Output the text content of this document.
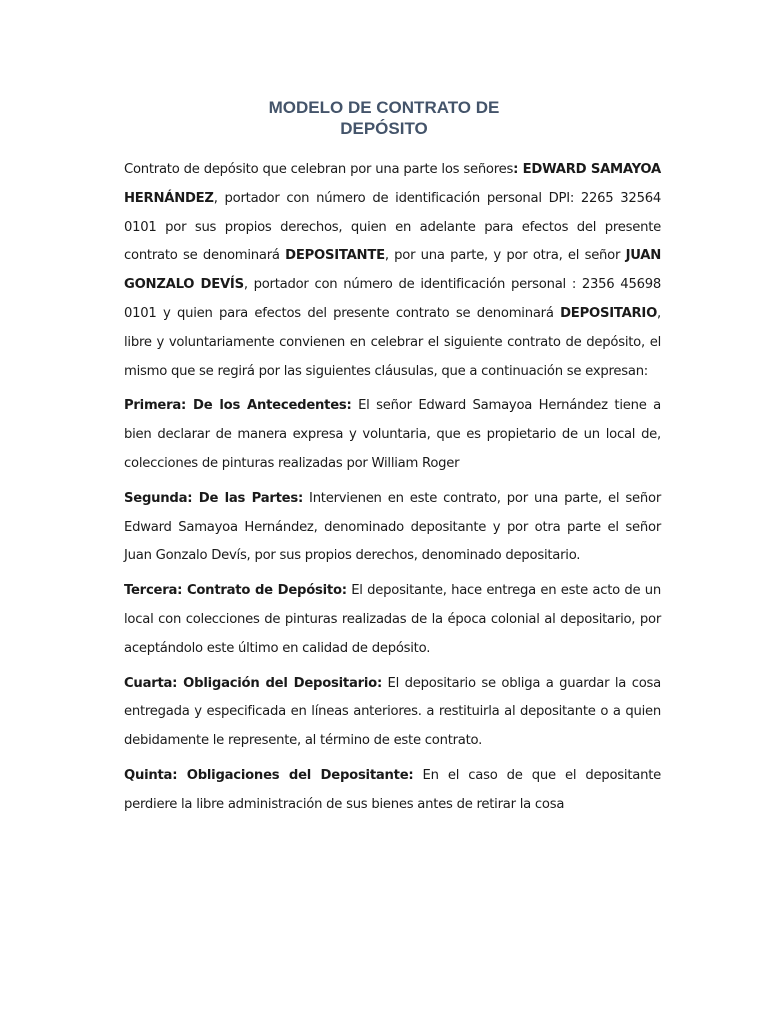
MODELO DE CONTRATO DE
DEPÓSITO

Contrato de depósito que celebran por una parte los señores: EDWARD SAMAYOA HERNÁNDEZ, portador con número de identificación personal DPI: 2265 32564 0101 por sus propios derechos, quien en adelante para efectos del presente contrato se denominará DEPOSITANTE, por una parte, y por otra, el señor JUAN GONZALO DEVÍS, portador con número de identificación personal : 2356 45698 0101 y quien para efectos del presente contrato se denominará DEPOSITARIO, libre y voluntariamente convienen en celebrar el siguiente contrato de depósito, el mismo que se regirá por las siguientes cláusulas, que a continuación se expresan:

Primera: De los Antecedentes: El señor Edward Samayoa Hernández tiene a bien declarar de manera expresa y voluntaria, que es propietario de un local de, colecciones de pinturas realizadas por William Roger

Segunda: De las Partes: Intervienen en este contrato, por una parte, el señor Edward Samayoa Hernández, denominado depositante y por otra parte el señor Juan Gonzalo Devís, por sus propios derechos, denominado depositario.

Tercera: Contrato de Depósito: El depositante, hace entrega en este acto de un local con colecciones de pinturas realizadas de la época colonial al depositario, por aceptándolo este último en calidad de depósito.

Cuarta: Obligación del Depositario: El depositario se obliga a guardar la cosa entregada y especificada en líneas anteriores. a restituirla al depositante o a quien debidamente le represente, al término de este contrato.

Quinta: Obligaciones del Depositante: En el caso de que el depositante perdiere la libre administración de sus bienes antes de retirar la cosa
